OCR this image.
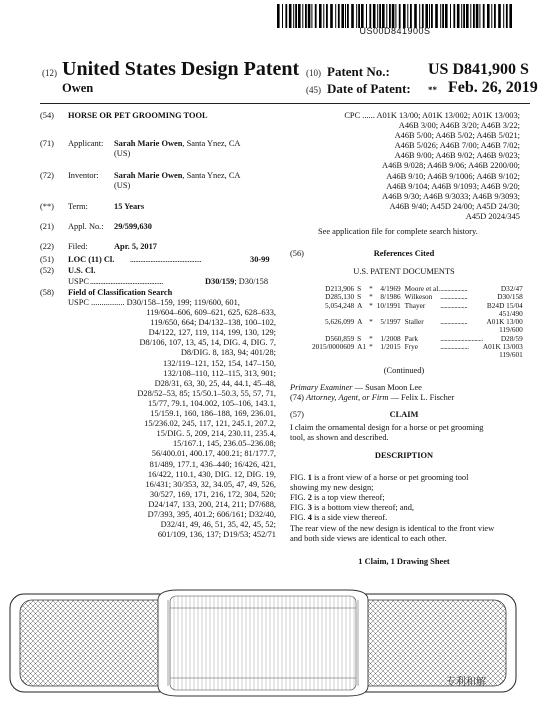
US00D841900S
(12) United States Design Patent
Owen
(10) Patent No.: US D841,900 S
(45) Date of Patent: ** Feb. 26, 2019
(54) HORSE OR PET GROOMING TOOL
(71) Applicant: Sarah Marie Owen, Santa Ynez, CA
(US)
(72) Inventor: Sarah Marie Owen, Santa Ynez, CA
(US)
(**) Term:	15 Years
(21) Appl. No.: 29/599,630
(22) Filed:	Apr. 5, 2017
(51) LOC (11) Cl. ..........................................	30-99
(52) U.S. Cl.
USPC ...........................................	D30/159; D30/158
(58) Field of Classification Search
USPC ................ D30/158–159, 199; 119/600, 601,
119/604–606, 609–621, 625, 628–633,
119/650, 664; D4/132–138, 100–102,
D4/122, 127, 119, 114, 199, 130, 129;
D8/106, 107, 13, 45, 14, DIG. 4, DIG. 7,
D8/DIG. 8, 183, 94; 401/28;
132/119–121, 152, 154, 147–150,
132/108–110, 112–115, 313, 901;
D28/31, 63, 30, 25, 44, 44.1, 45–48,
D28/52–53, 85; 15/50.1–50.3, 55, 57, 71,
15/77, 79.1, 104.002, 105–106, 143.1,
15/159.1, 160, 186–188, 169, 236.01,
15/236.02, 245, 117, 121, 245.1, 207.2,
15/DIG. 5, 209, 214, 230.11, 235.4,
15/167.1, 145, 236.05–236.08;
56/400.01, 400.17, 400.21; 81/177.7,
81/489, 177.1, 436–440; 16/426, 421,
16/422, 110.1, 430, DIG. 12, DIG. 19,
16/431; 30/353, 32, 34.05, 47, 49, 526,
30/527, 169, 171, 216, 172, 304, 520;
D24/147, 133, 200, 214, 211; D7/688,
D7/393, 395, 401.2; 606/161; D32/40,
D32/41, 49, 46, 51, 35, 42, 45, 52;
601/109, 136, 137; D19/53; 452/71
CPC ...... A01K 13/00; A01K 13/002; A01K 13/003;
A46B 3/00; A46B 3/20; A46B 3/22;
A46B 5/00; A46B 5/02; A46B 5/021;
A46B 5/026; A46B 7/00; A46B 7/02;
A46B 9/00; A46B 9/02; A46B 9/023;
A46B 9/028; A46B 9/06; A46B 2200/00;
A46B 9/10; A46B 9/1006; A46B 9/102;
A46B 9/104; A46B 9/1093; A46B 9/20;
A46B 9/30; A46B 9/3033; A46B 9/3093;
A46B 9/40; A45D 24/00; A45D 24/30;
A45D 2024/345
See application file for complete search history.
(56)	References Cited
U.S. PATENT DOCUMENTS
D213,906	S	*	4/1969	Moore et al.	...................	D32/47
D285,130	S	*	8/1986	Wilkeson	...................	D30/158
5,054,248	A	*	10/1991	Thayer	...................	B24D 15/04
451/490

5,626,099	A	*	5/1997	Staller	...................	A01K 13/00
119/600

D560,859	S	*	1/2008	Park	..............................	D28/59
2015/0000609	A1	*	1/2015	Frye	....................	A01K 13/003
119/601
(Continued)
Primary Examiner — Susan Moon Lee
(74) Attorney, Agent, or Firm — Felix L. Fischer
(57)	CLAIM
I claim the ornamental design for a horse or pet grooming
tool, as shown and described.
DESCRIPTION
FIG. 1 is a front view of a horse or pet grooming tool
showing my new design;
FIG. 2 is a top view thereof;
FIG. 3 is a bottom view thereof; and,
FIG. 4 is a side view thereof.
The rear view of the new design is identical to the front view
and both side views are identical to each other.
1 Claim, 1 Drawing Sheet
专利和解
